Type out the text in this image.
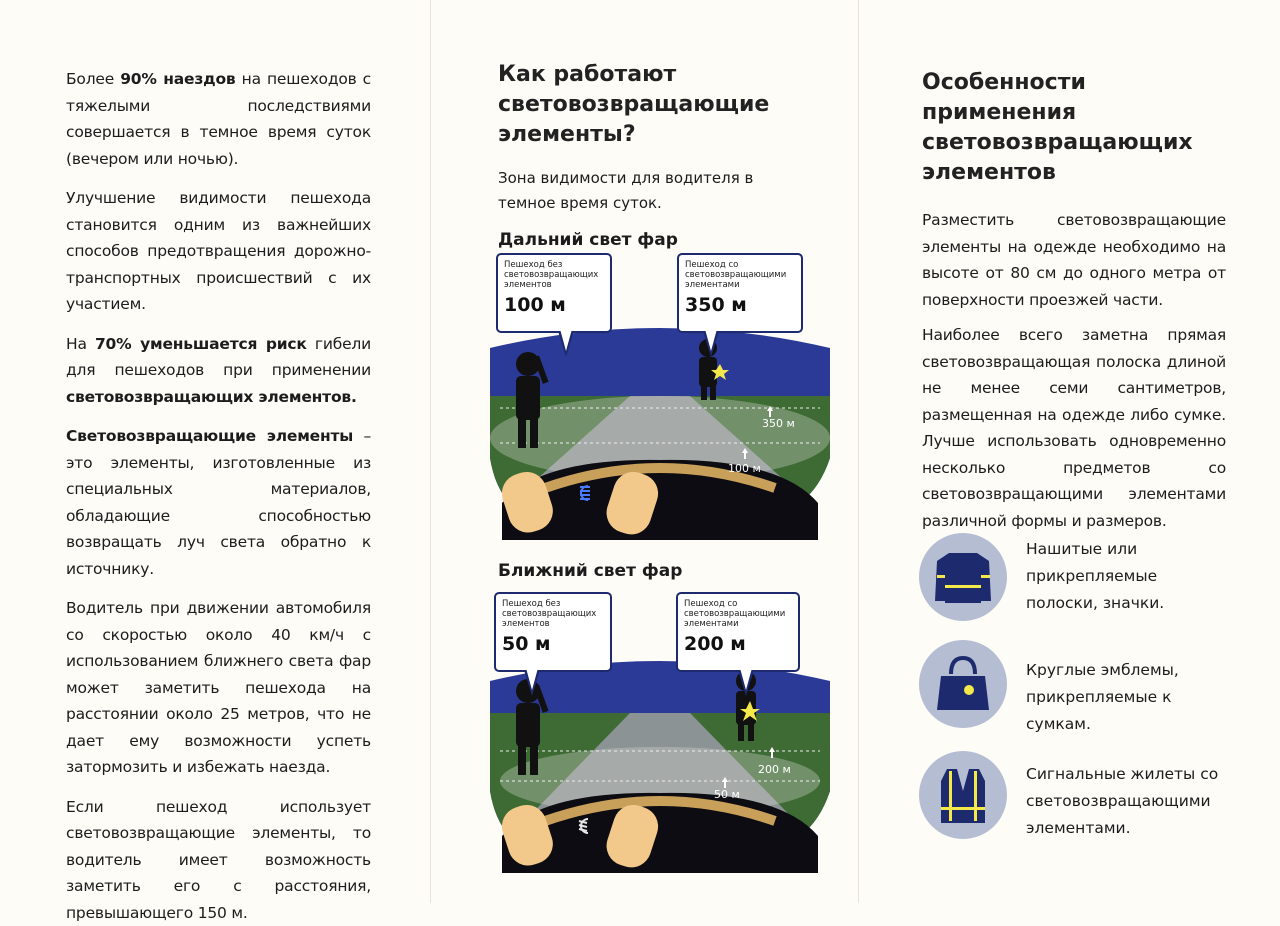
Более 90% наездов на пешеходов с тяжелыми последствиями совершается в темное время суток (вечером или ночью).

Улучшение видимости пешехода становится одним из важнейших способов предотвращения дорожно-транспортных происшествий с их участием.

На 70% уменьшается риск гибели для пешеходов при применении световозвращающих элементов.

Световозвращающие элементы – это элементы, изготовленные из специальных материалов, обладающие способностью возвращать луч света обратно к источнику.

Водитель при движении автомобиля со скоростью около 40 км/ч с использованием ближнего света фар может заметить пешехода на расстоянии около 25 метров, что не дает ему возможности успеть затормозить и избежать наезда.

Если пешеход использует световозвращающие элементы, то водитель имеет возможность заметить его с расстояния, превышающего 150 м.

Как работают световозвращающие элементы?

Зона видимости для водителя в темное время суток.

Дальний свет фар
350 м
100 м
Пешеход без световозвращающих элементов
100 м
Пешеход со световозвращающими элементами
350 м
Ближний свет фар
200 м
50 м
Пешеход без световозвращающих элементов
50 м
Пешеход со световозвращающими элементами
200 м
Особенности применения световозвращающих элементов

Разместить световозвращающие элементы на одежде необходимо на высоте от 80 см до одного метра от поверхности проезжей части.

Наиболее всего заметна прямая световозвращающая полоска длиной не менее семи сантиметров, размещенная на одежде либо сумке. Лучше использовать одновременно несколько предметов со световозвращающими элементами различной формы и размеров.

Нашитые или прикрепляемые полоски, значки.
Круглые эмблемы, прикрепляемые к сумкам.
Сигнальные жилеты со световозвращающими элементами.
